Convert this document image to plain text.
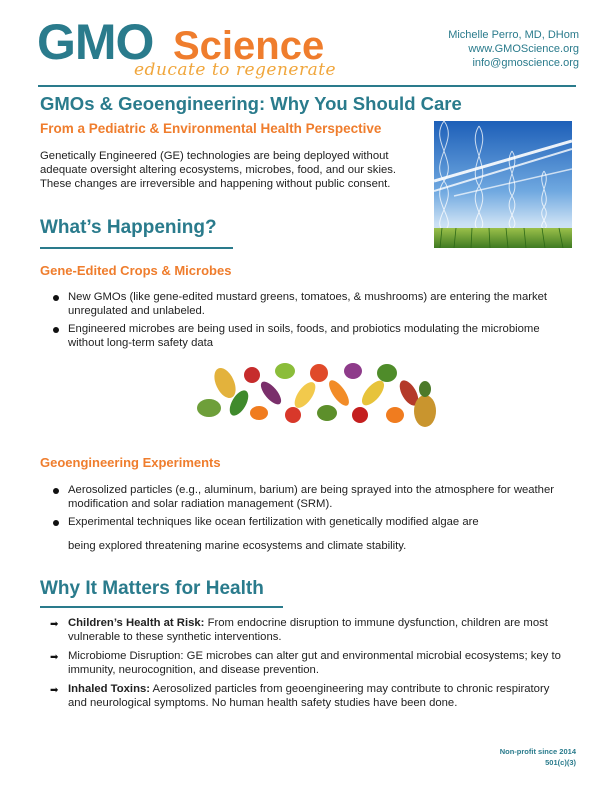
GMO Science
educate to regenerate
Michelle Perro, MD, DHom
www.GMOScience.org
info@gmoscience.org
GMOs & Geoengineering: Why You Should Care
From a Pediatric & Environmental Health Perspective
Genetically Engineered (GE) technologies are being deployed without adequate oversight altering ecosystems, microbes, food, and our skies. These changes are irreversible and happening without public consent.
What’s Happening?
Gene-Edited Crops & Microbes
New GMOs (like gene-edited mustard greens, tomatoes, & mushrooms) are entering the market unregulated and unlabeled.
Engineered microbes are being used in soils, foods, and probiotics modulating the microbiome without long-term safety data
Geoengineering Experiments
Aerosolized particles (e.g., aluminum, barium) are being sprayed into the atmosphere for weather modification and solar radiation management (SRM).
Experimental techniques like ocean fertilization with genetically modified algae are
being explored threatening marine ecosystems and climate stability.
Why It Matters for Health
➡ Children’s Health at Risk: From endocrine disruption to immune dysfunction, children are most vulnerable to these synthetic interventions.
➡ Microbiome Disruption: GE microbes can alter gut and environmental microbial ecosystems; key to immunity, neurocognition, and disease prevention.
➡ Inhaled Toxins: Aerosolized particles from geoengineering may contribute to chronic respiratory and neurological symptoms. No human health safety studies have been done.
Non-profit since 2014
501(c)(3)
